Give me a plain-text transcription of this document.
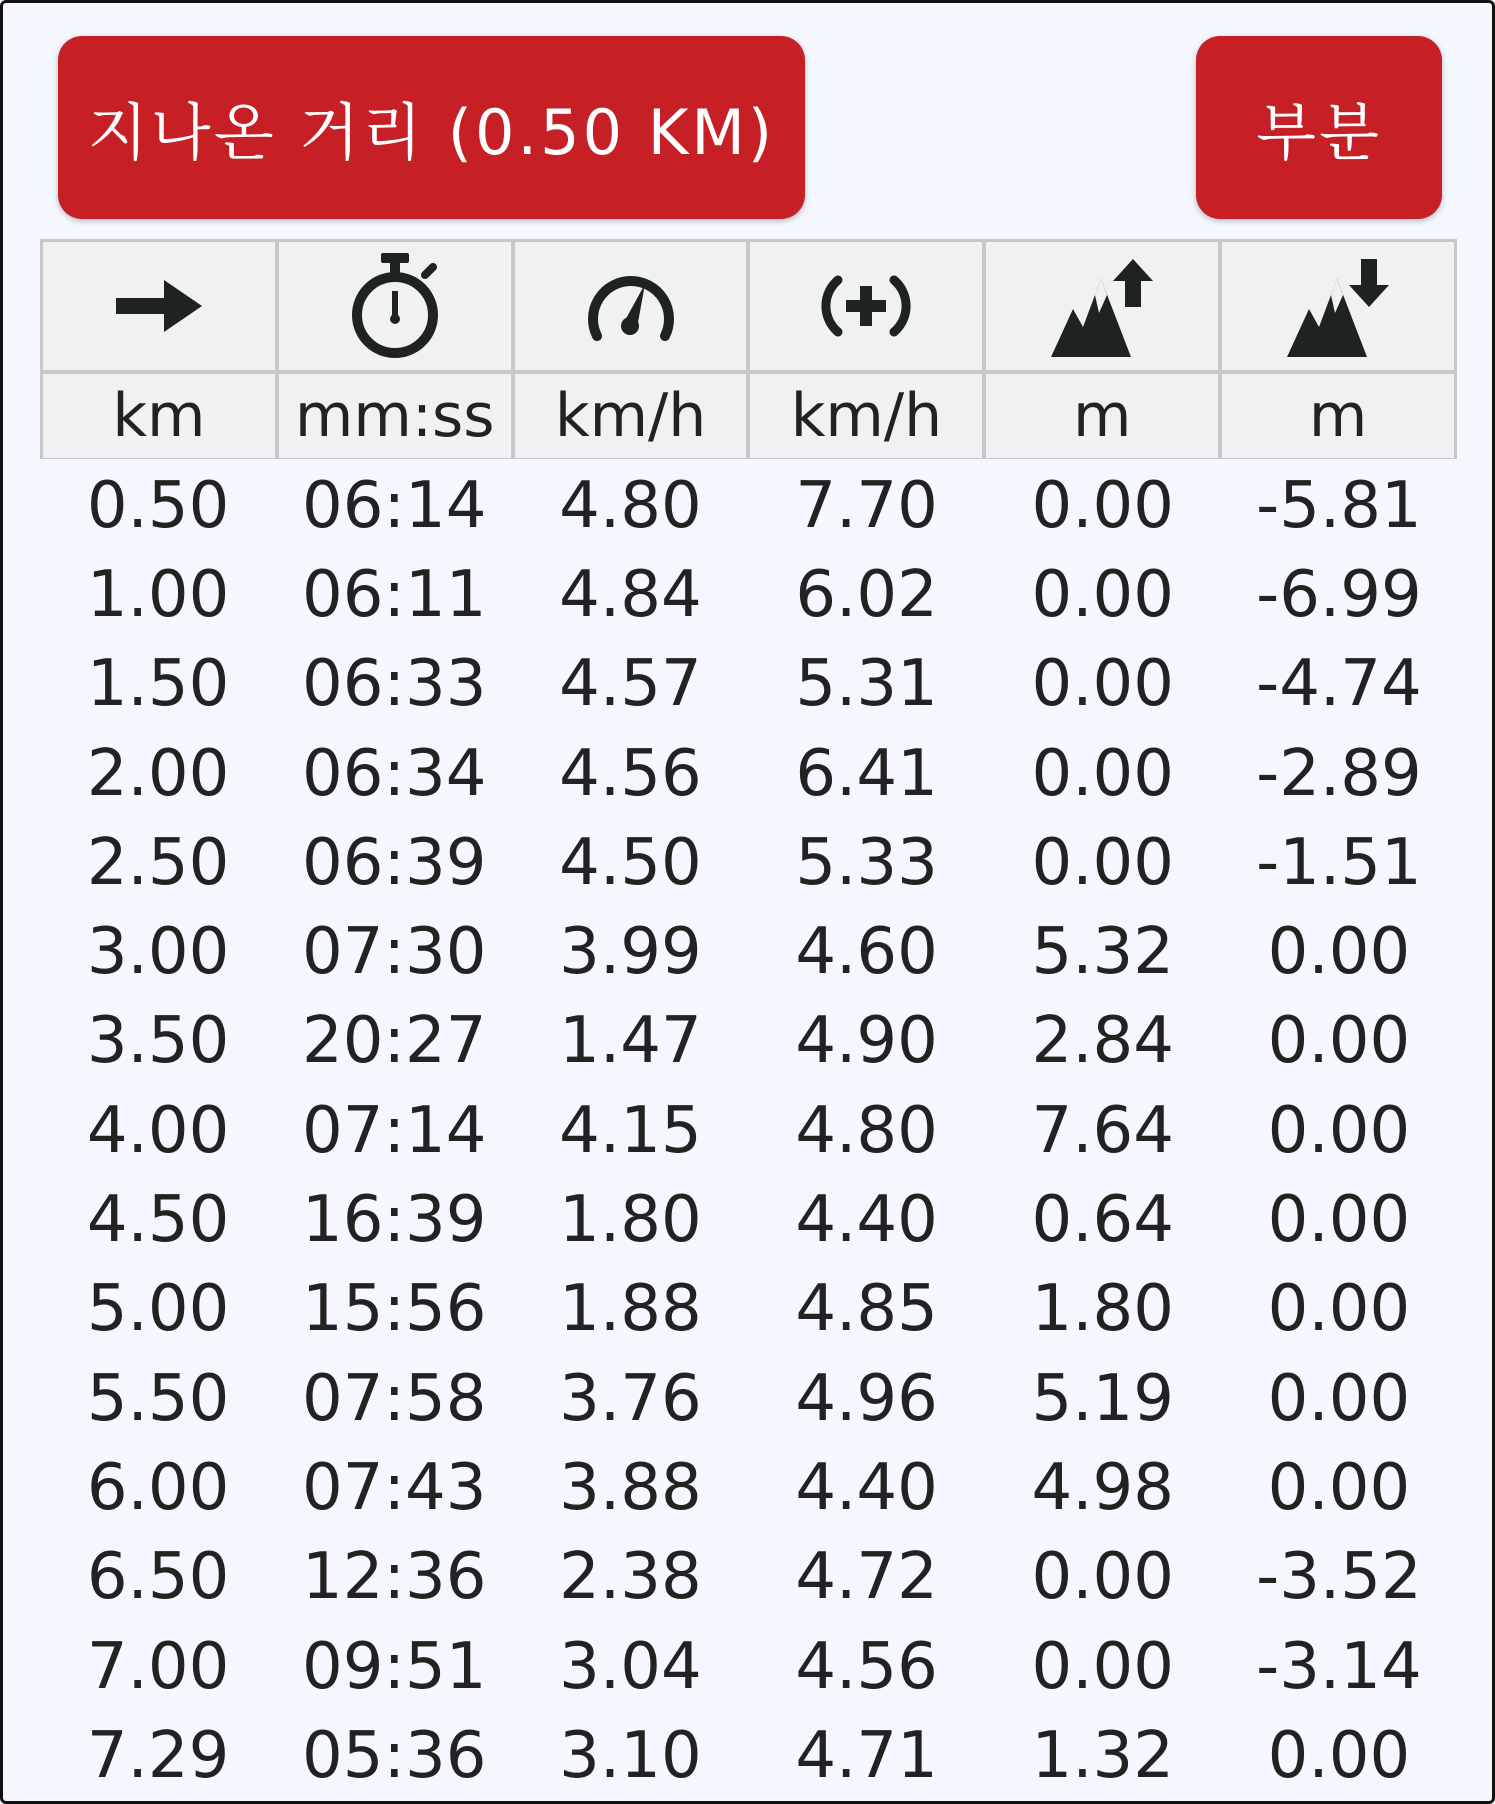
지나온 거리 (0.50 KM)	부분
km	mm:ss	km/h	km/h	m	m
0.50	06:14	4.80	7.70	0.00	-5.81
1.00	06:11	4.84	6.02	0.00	-6.99
1.50	06:33	4.57	5.31	0.00	-4.74
2.00	06:34	4.56	6.41	0.00	-2.89
2.50	06:39	4.50	5.33	0.00	-1.51
3.00	07:30	3.99	4.60	5.32	0.00
3.50	20:27	1.47	4.90	2.84	0.00
4.00	07:14	4.15	4.80	7.64	0.00
4.50	16:39	1.80	4.40	0.64	0.00
5.00	15:56	1.88	4.85	1.80	0.00
5.50	07:58	3.76	4.96	5.19	0.00
6.00	07:43	3.88	4.40	4.98	0.00
6.50	12:36	2.38	4.72	0.00	-3.52
7.00	09:51	3.04	4.56	0.00	-3.14
7.29	05:36	3.10	4.71	1.32	0.00
